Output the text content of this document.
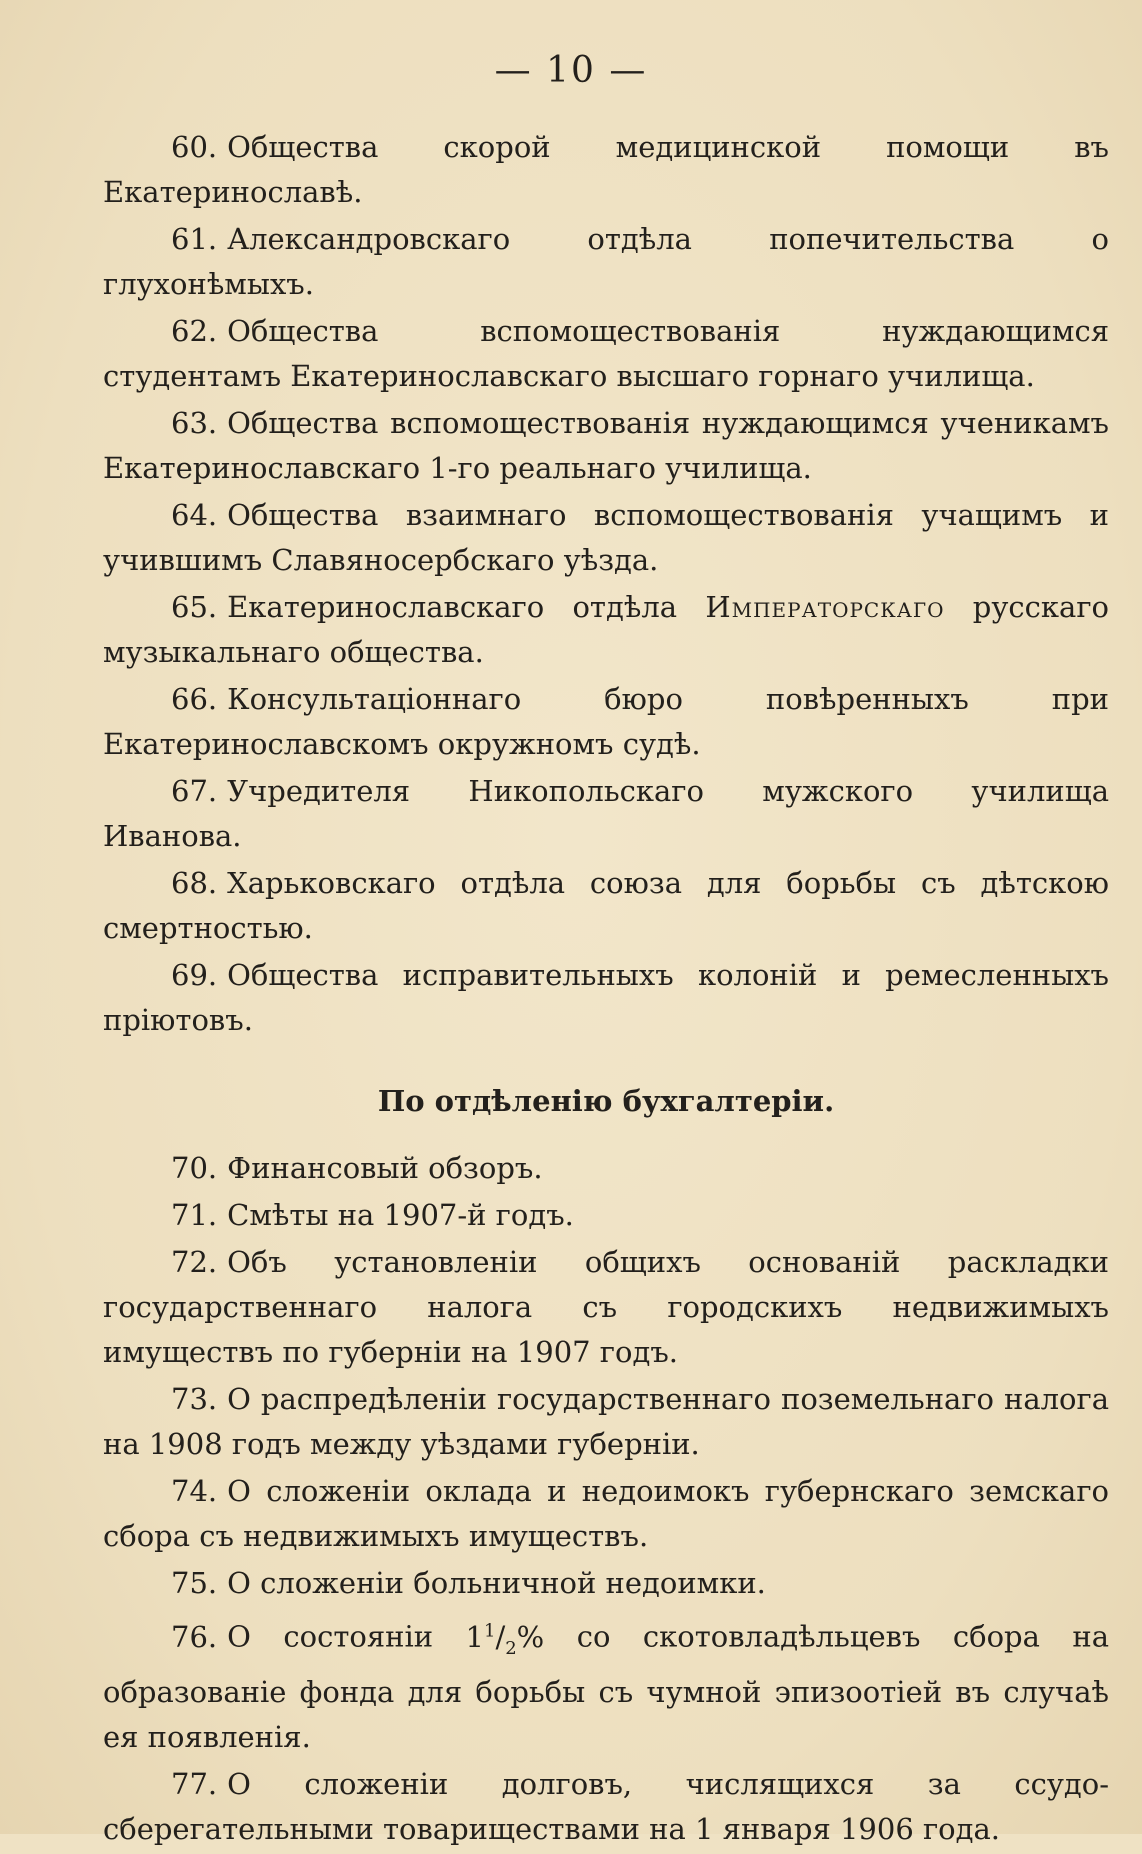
— 10 —

60. Общества скорой медицинской помощи въ Екатеринославѣ.

61. Александровскаго отдѣла попечительства о глухонѣмыхъ.

62. Общества вспомоществованія нуждающимся студентамъ Екатеринославскаго высшаго горнаго училища.

63. Общества вспомоществованія нуждающимся ученикамъ Екатеринославскаго 1-го реальнаго училища.

64. Общества взаимнаго вспомоществованія учащимъ и учившимъ Славяносербскаго уѣзда.

65. Екатеринославскаго отдѣла Императорскаго русскаго музыкальнаго общества.

66. Консультаціоннаго бюро повѣренныхъ при Екатеринославскомъ окружномъ судѣ.

67. Учредителя Никопольскаго мужского училища Иванова.

68. Харьковскаго отдѣла союза для борьбы съ дѣтскою смертностью.

69. Общества исправительныхъ колоній и ремесленныхъ пріютовъ.

По отдѣленію бухгалтеріи.

70. Финансовый обзоръ.

71. Смѣты на 1907-й годъ.

72. Объ установленіи общихъ основаній раскладки государственнаго налога съ городскихъ недвижимыхъ имуществъ по губерніи на 1907 годъ.

73. О распредѣленіи государственнаго поземельнаго налога на 1908 годъ между уѣздами губерніи.

74. О сложеніи оклада и недоимокъ губернскаго земскаго сбора съ недвижимыхъ имуществъ.

75. О сложеніи больничной недоимки.

76. О состояніи $1^1/_2\%$ со скотовладѣльцевъ сбора на образованіе фонда для борьбы съ чумной эпизоотіей въ случаѣ ея появленія.

77. О сложеніи долговъ, числящихся за ссудо-сберегательными товариществами на 1 января 1906 года.
